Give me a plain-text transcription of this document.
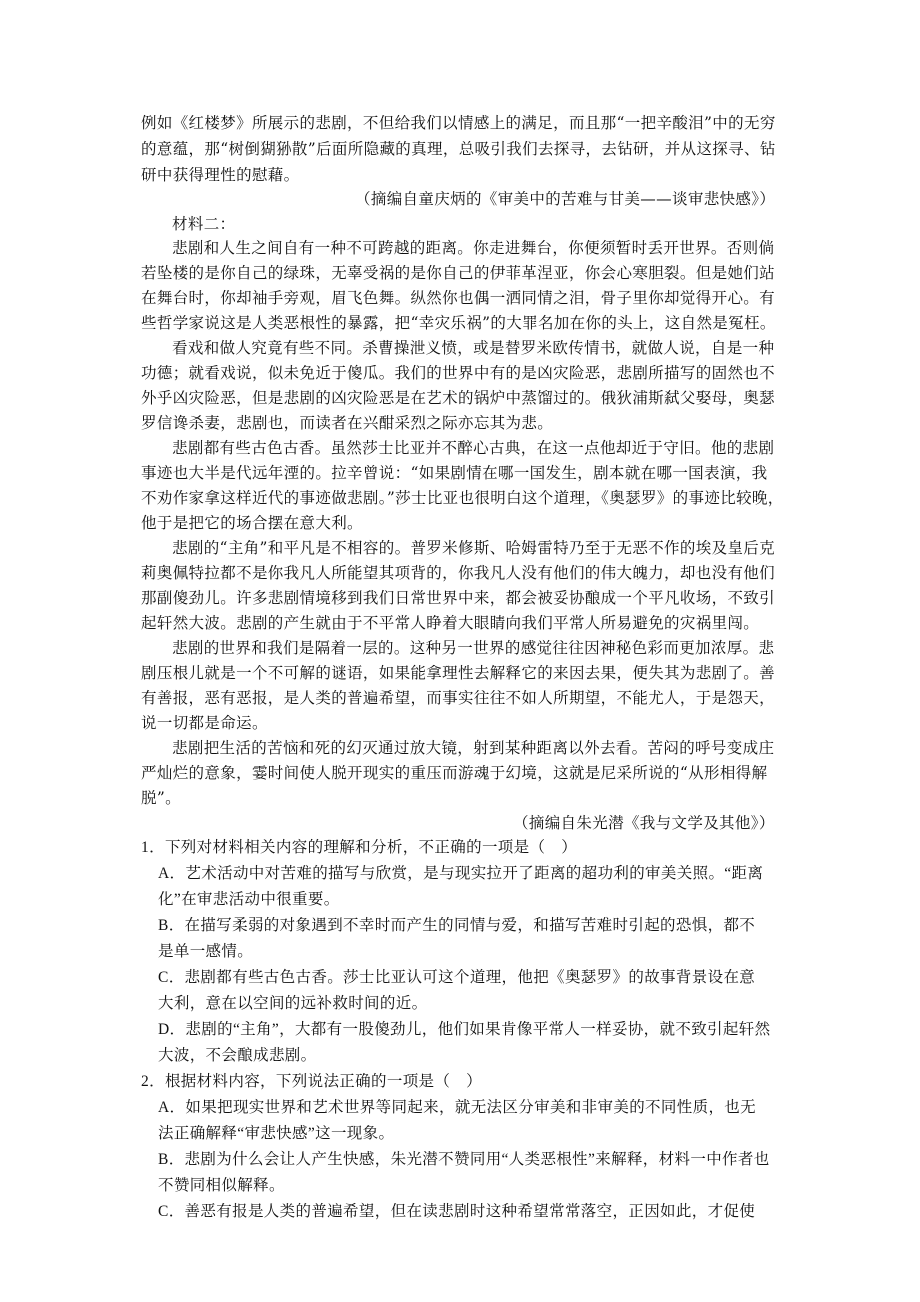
例如《红楼梦》所展示的悲剧，不但给我们以情感上的满足，而且那“一把辛酸泪”中的无穷
的意蕴，那“树倒猢狲散”后面所隐藏的真理，总吸引我们去探寻，去钻研，并从这探寻、钻
研中获得理性的慰藉。
（摘编自童庆炳的《审美中的苦难与甘美——谈审悲快感》）
材料二：
悲剧和人生之间自有一种不可跨越的距离。你走进舞台，你便须暂时丢开世界。否则倘
若坠楼的是你自己的绿珠，无辜受祸的是你自己的伊菲革涅亚，你会心寒胆裂。但是她们站
在舞台时，你却袖手旁观，眉飞色舞。纵然你也偶一洒同情之泪，骨子里你却觉得开心。有
些哲学家说这是人类恶根性的暴露，把“幸灾乐祸”的大罪名加在你的头上，这自然是冤枉。
看戏和做人究竟有些不同。杀曹操泄义愤，或是替罗米欧传情书，就做人说，自是一种
功德；就看戏说，似未免近于傻瓜。我们的世界中有的是凶灾险恶，悲剧所描写的固然也不
外乎凶灾险恶，但是悲剧的凶灾险恶是在艺术的锅炉中蒸馏过的。俄狄浦斯弑父娶母，奥瑟
罗信谗杀妻，悲剧也，而读者在兴酣采烈之际亦忘其为悲。
悲剧都有些古色古香。虽然莎士比亚并不醉心古典，在这一点他却近于守旧。他的悲剧
事迹也大半是代远年湮的。拉辛曾说：“如果剧情在哪一国发生，剧本就在哪一国表演，我
不劝作家拿这样近代的事迹做悲剧。”莎士比亚也很明白这个道理，《奥瑟罗》的事迹比较晚，
他于是把它的场合摆在意大利。
悲剧的“主角”和平凡是不相容的。普罗米修斯、哈姆雷特乃至于无恶不作的埃及皇后克
莉奥佩特拉都不是你我凡人所能望其项背的，你我凡人没有他们的伟大魄力，却也没有他们
那副傻劲儿。许多悲剧情境移到我们日常世界中来，都会被妥协酿成一个平凡收场，不致引
起轩然大波。悲剧的产生就由于不平常人睁着大眼睛向我们平常人所易避免的灾祸里闯。
悲剧的世界和我们是隔着一层的。这种另一世界的感觉往往因神秘色彩而更加浓厚。悲
剧压根儿就是一个不可解的谜语，如果能拿理性去解释它的来因去果，便失其为悲剧了。善
有善报，恶有恶报，是人类的普遍希望，而事实往往不如人所期望，不能尤人，于是怨天，
说一切都是命运。
悲剧把生活的苦恼和死的幻灭通过放大镜，射到某种距离以外去看。苦闷的呼号变成庄
严灿烂的意象，霎时间使人脱开现实的重压而游魂于幻境，这就是尼采所说的“从形相得解
脱”。
（摘编自朱光潜《我与文学及其他》）
1．下列对材料相关内容的理解和分析，不正确的一项是（　）
A．艺术活动中对苦难的描写与欣赏，是与现实拉开了距离的超功利的审美关照。“距离
化”在审悲活动中很重要。
B．在描写柔弱的对象遇到不幸时而产生的同情与爱，和描写苦难时引起的恐惧，都不
是单一感情。
C．悲剧都有些古色古香。莎士比亚认可这个道理，他把《奥瑟罗》的故事背景设在意
大利，意在以空间的远补救时间的近。
D．悲剧的“主角”，大都有一股傻劲儿，他们如果肯像平常人一样妥协，就不致引起轩然
大波，不会酿成悲剧。
2．根据材料内容，下列说法正确的一项是（　）
A．如果把现实世界和艺术世界等同起来，就无法区分审美和非审美的不同性质，也无
法正确解释“审悲快感”这一现象。
B．悲剧为什么会让人产生快感，朱光潜不赞同用“人类恶根性”来解释，材料一中作者也
不赞同相似解释。
C．善恶有报是人类的普遍希望，但在读悲剧时这种希望常常落空，正因如此，才促使
